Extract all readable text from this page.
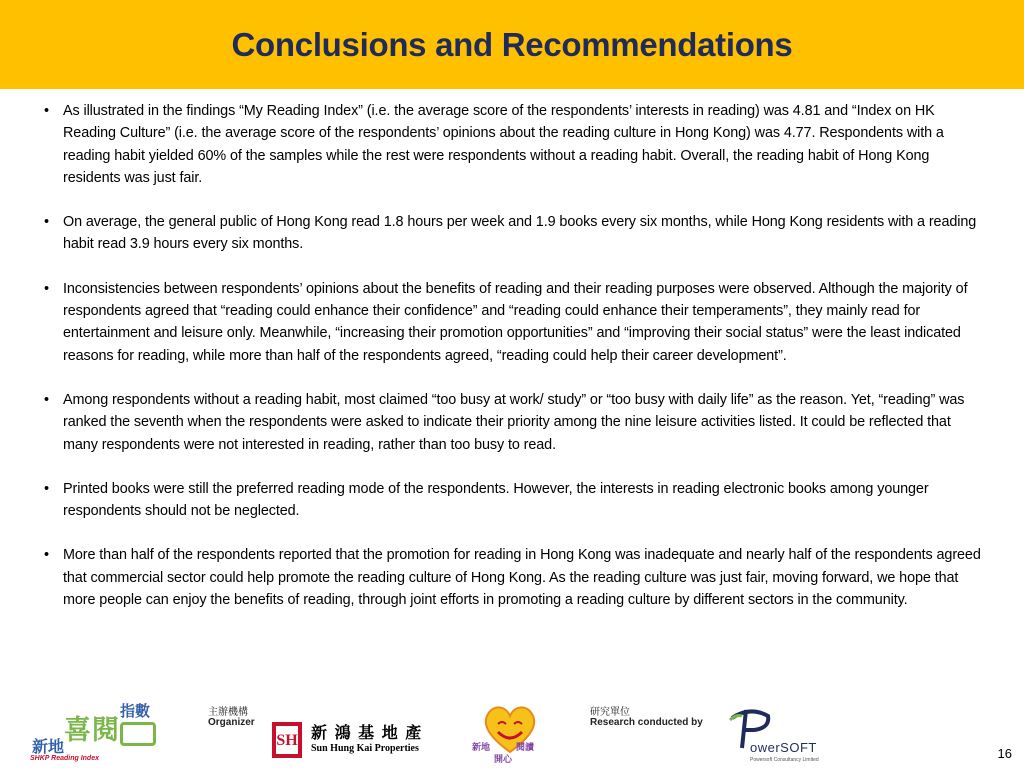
Conclusions and Recommendations
• As illustrated in the findings “My Reading Index” (i.e. the average score of the respondents’ interests in reading) was 4.81 and “Index on HK Reading Culture” (i.e. the average score of the respondents’ opinions about the reading culture in Hong Kong) was 4.77. Respondents with a reading habit yielded 60% of the samples while the rest were respondents without a reading habit. Overall, the reading habit of Hong Kong residents was just fair.
• On average, the general public of Hong Kong read 1.8 hours per week and 1.9 books every six months, while Hong Kong residents with a reading habit read 3.9 hours every six months.
• Inconsistencies between respondents’ opinions about the benefits of reading and their reading purposes were observed. Although the majority of respondents agreed that “reading could enhance their confidence” and “reading could enhance their temperaments”, they mainly read for entertainment and leisure only. Meanwhile, “increasing their promotion opportunities” and “improving their social status” were the least indicated reasons for reading, while more than half of the respondents agreed, “reading could help their career development”.
• Among respondents without a reading habit, most claimed “too busy at work/ study” or “too busy with daily life” as the reason. Yet, “reading” was ranked the seventh when the respondents were asked to indicate their priority among the nine leisure activities listed. It could be reflected that many respondents were not interested in reading, rather than too busy to read.
• Printed books were still the preferred reading mode of the respondents. However, the interests in reading electronic books among younger respondents should not be neglected.
• More than half of the respondents reported that the promotion for reading in Hong Kong was inadequate and nearly half of the respondents agreed that commercial sector could help promote the reading culture of Hong Kong. As the reading culture was just fair, moving forward, we hope that more people can enjoy the benefits of reading, through joint efforts in promoting a reading culture by different sectors in the community.
新地
喜閱
指數
SHKP Reading Index
主辦機構
Organizer
SH 新 鴻 基 地 產
Sun Hung Kai Properties	新地
開心
閱讀
研究單位
Research conducted by
owerSOFT
Powersoft Consultancy Limited	16
